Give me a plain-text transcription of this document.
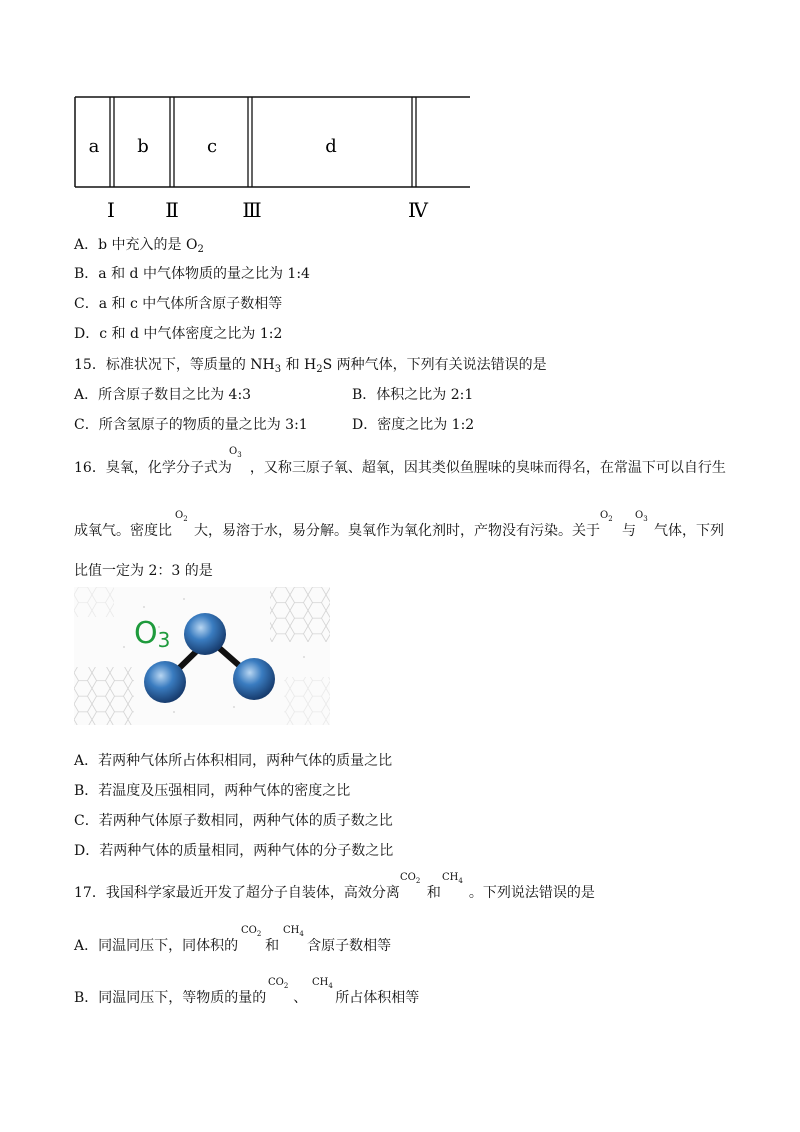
a b	c	d
Ⅰ	Ⅱ	Ⅲ	Ⅳ
A．b 中充入的是 $O_2$
B．a 和 d 中气体物质的量之比为 1:4
C．a 和 c 中气体所含原子数相等
D．c 和 d 中气体密度之比为 1:2
15．标准状况下，等质量的 $NH_3$ 和 $H_2S$ 两种气体，下列有关说法错误的是
A．所含原子数目之比为 4:3	B．体积之比为 2:1
C．所含氢原子的物质的量之比为 3:1	D．密度之比为 1:2
16．臭氧，化学分子式为 ，又称三原子氧、超氧，因其类似鱼腥味的臭味而得名，在常温下可以自行生
$O_3$
成氧气。密度比 大，易溶于水，易分解。臭氧作为氧化剂时，产物没有污染。关于 与 气体，下列
$O_2$	$O_2$ $O_3$
比值一定为 2：3 的是
O3
A．若两种气体所占体积相同，两种气体的质量之比
B．若温度及压强相同，两种气体的密度之比
C．若两种气体原子数相同，两种气体的质子数之比
D．若两种气体的质量相同，两种气体的分子数之比
17．我国科学家最近开发了超分子自装体，高效分离 和 。下列说法错误的是
$CO_2$ $CH_4$
A．同温同压下，同体积的 和 含原子数相等
$CO_2$ $CH_4$
B．同温同压下，等物质的量的 、 所占体积相等
$CO_2$ $CH_4$
